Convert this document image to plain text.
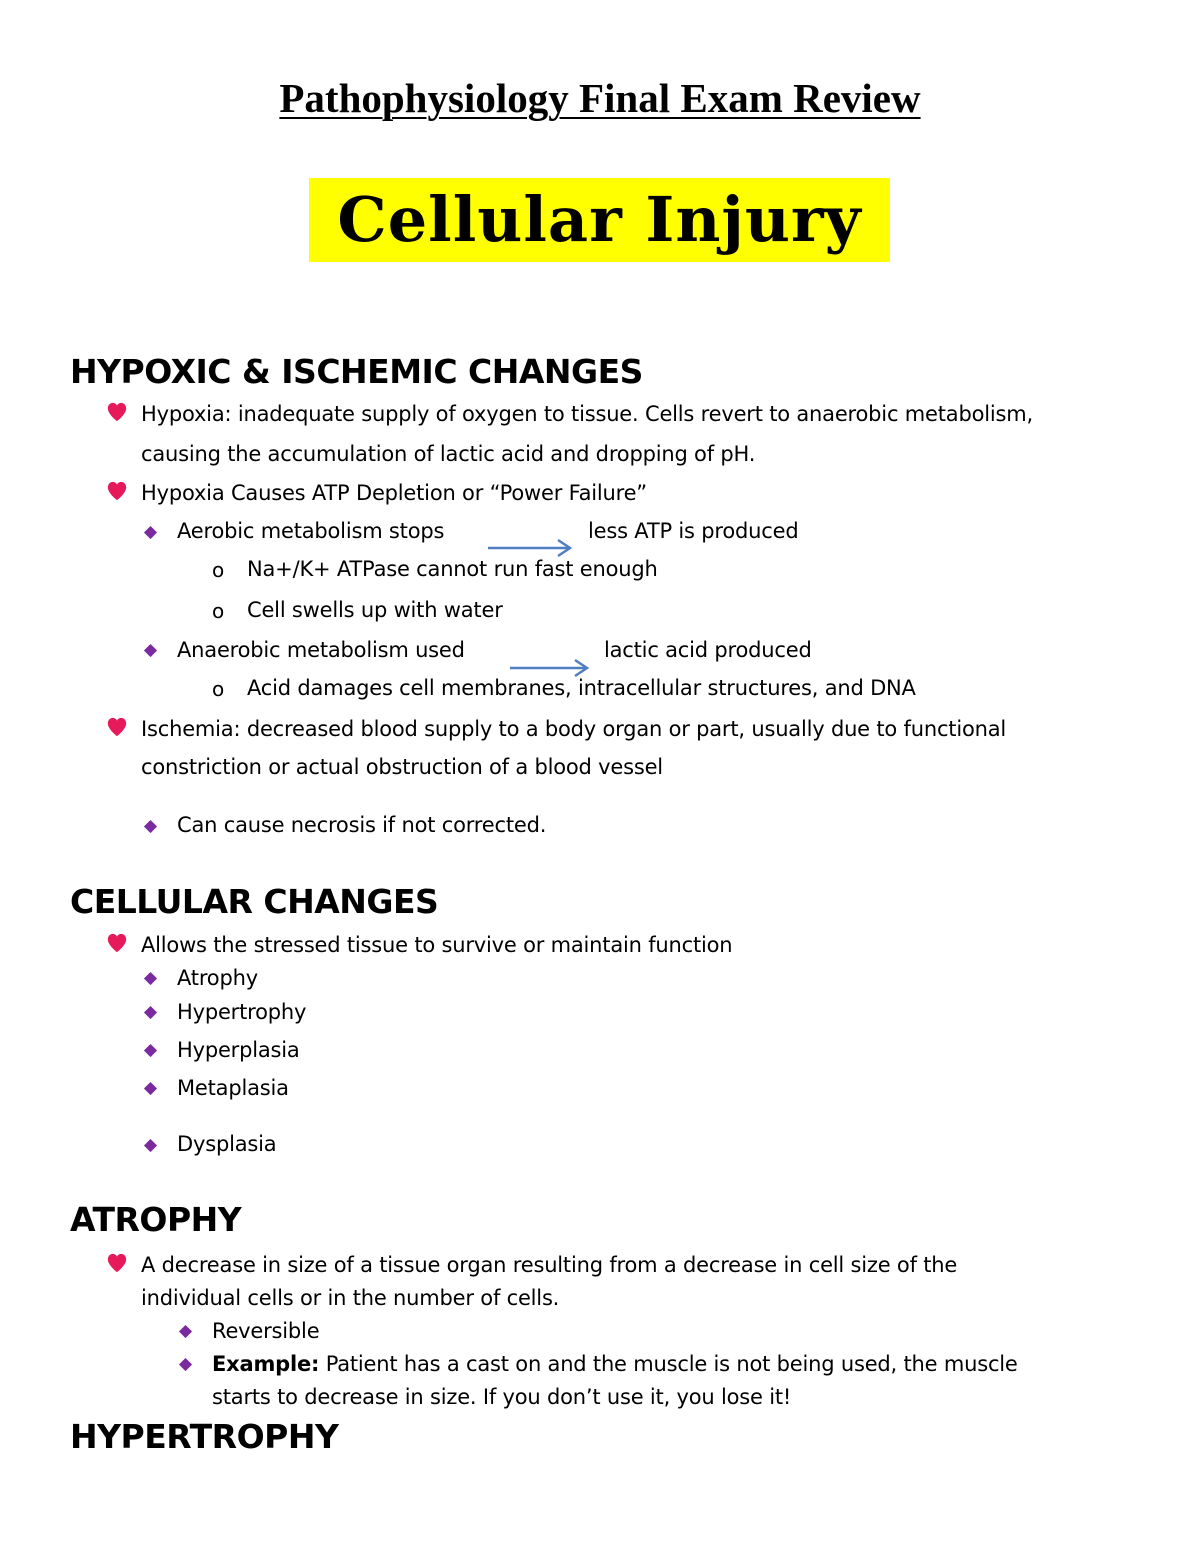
Pathophysiology Final Exam Review
Cellular Injury
HYPOXIC & ISCHEMIC CHANGES
Hypoxia: inadequate supply of oxygen to tissue. Cells revert to anaerobic metabolism,
causing the accumulation of lactic acid and dropping of pH.
Hypoxia Causes ATP Depletion or “Power Failure”
Aerobic metabolism stops	less ATP is produced
o Na+/K+ ATPase cannot run fast enough
o Cell swells up with water
Anaerobic metabolism used	lactic acid produced
o Acid damages cell membranes, intracellular structures, and DNA
Ischemia: decreased blood supply to a body organ or part, usually due to functional
constriction or actual obstruction of a blood vessel
Can cause necrosis if not corrected.
CELLULAR CHANGES
Allows the stressed tissue to survive or maintain function
Atrophy
Hypertrophy
Hyperplasia
Metaplasia
Dysplasia
ATROPHY
A decrease in size of a tissue organ resulting from a decrease in cell size of the
individual cells or in the number of cells.
Reversible
Example: Patient has a cast on and the muscle is not being used, the muscle
starts to decrease in size. If you don’t use it, you lose it!
HYPERTROPHY
